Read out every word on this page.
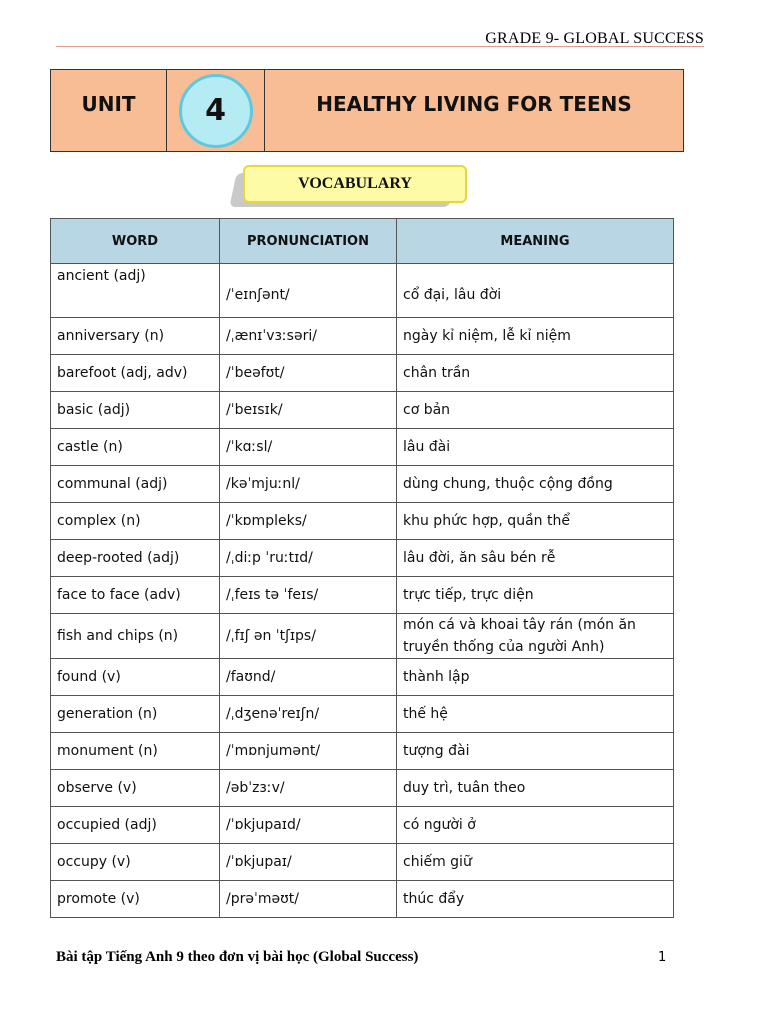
GRADE 9- GLOBAL SUCCESS
UNIT	4	HEALTHY LIVING FOR TEENS
VOCABULARY
WORD	PRONUNCIATION	MEANING
ancient (adj)	/ˈeɪnʃənt/	cổ đại, lâu đời
anniversary (n)	/ˌænɪˈvɜːsəri/	ngày kỉ niệm, lễ kỉ niệm
barefoot (adj, adv)	/ˈbeəfʊt/	chân trần
basic (adj)	/ˈbeɪsɪk/	cơ bản
castle (n)	/ˈkɑːsl/	lâu đài
communal (adj)	/kəˈmjuːnl/	dùng chung, thuộc cộng đồng
complex (n)	/ˈkɒmpleks/	khu phức hợp, quần thể
deep-rooted (adj)	/ˌdiːp ˈruːtɪd/	lâu đời, ăn sâu bén rễ
face to face (adv)	/ˌfeɪs tə ˈfeɪs/	trực tiếp, trực diện
fish and chips (n)	/ˌfɪʃ ən ˈtʃɪps/	món cá và khoai tây rán (món ăn truyền thống của người Anh)
found (v)	/faʊnd/	thành lập
generation (n)	/ˌdʒenəˈreɪʃn/	thế hệ
monument (n)	/ˈmɒnjumənt/	tượng đài
observe (v)	/əbˈzɜːv/	duy trì, tuân theo
occupied (adj)	/ˈɒkjupaɪd/	có người ở
occupy (v)	/ˈɒkjupaɪ/	chiếm giữ
promote (v)	/prəˈməʊt/	thúc đẩy
Bài tập Tiếng Anh 9 theo đơn vị bài học (Global Success)	1
